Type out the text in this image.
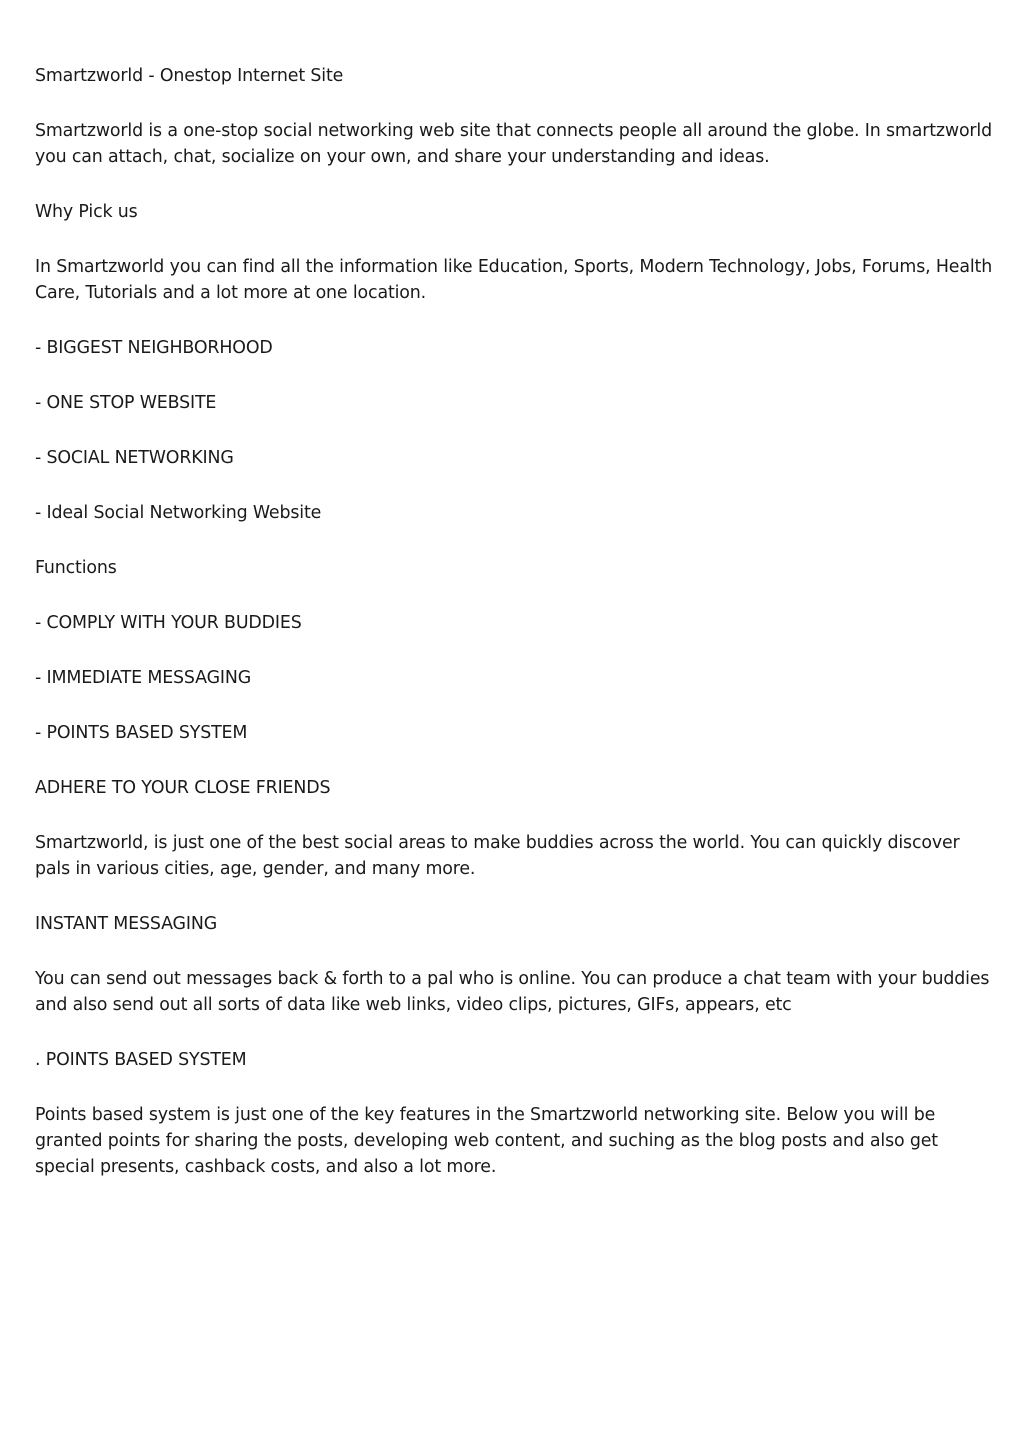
Smartzworld - Onestop Internet Site

Smartzworld is a one-stop social networking web site that connects people all around the globe. In smartzworld you can attach, chat, socialize on your own, and share your understanding and ideas.

Why Pick us

In Smartzworld you can find all the information like Education, Sports, Modern Technology, Jobs, Forums, Health Care, Tutorials and a lot more at one location.

- BIGGEST NEIGHBORHOOD

- ONE STOP WEBSITE

- SOCIAL NETWORKING

- Ideal Social Networking Website

Functions

- COMPLY WITH YOUR BUDDIES

- IMMEDIATE MESSAGING

- POINTS BASED SYSTEM

ADHERE TO YOUR CLOSE FRIENDS

Smartzworld, is just one of the best social areas to make buddies across the world. You can quickly discover pals in various cities, age, gender, and many more.

INSTANT MESSAGING

You can send out messages back & forth to a pal who is online. You can produce a chat team with your buddies and also send out all sorts of data like web links, video clips, pictures, GIFs, appears, etc

. POINTS BASED SYSTEM

Points based system is just one of the key features in the Smartzworld networking site. Below you will be granted points for sharing the posts, developing web content, and suching as the blog posts and also get special presents, cashback costs, and also a lot more.
